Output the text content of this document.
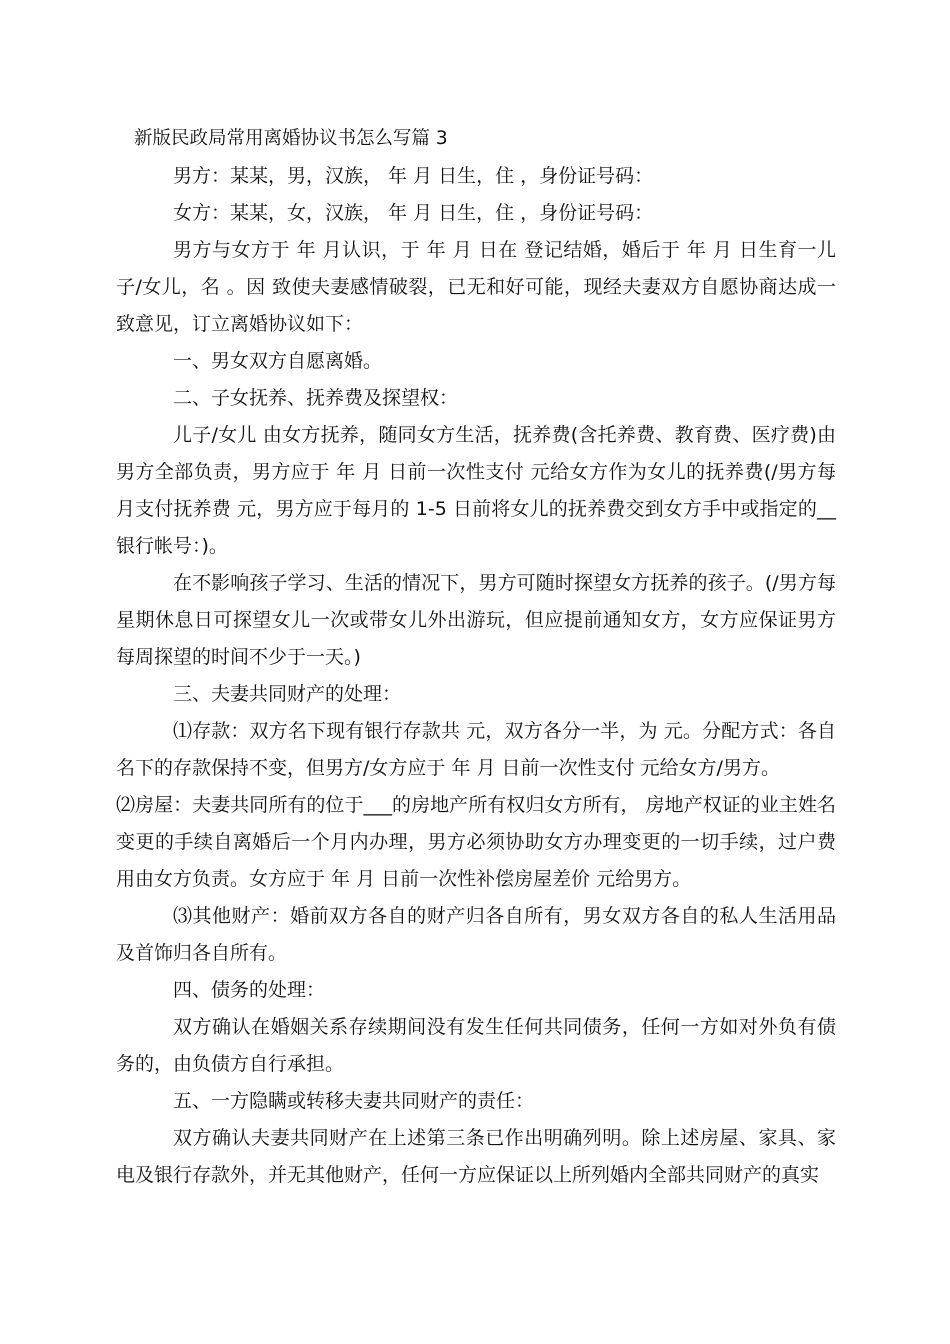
新版民政局常用离婚协议书怎么写篇 3

男方：某某，男，汉族， 年 月 日生，住 ，身份证号码：

女方：某某，女，汉族， 年 月 日生，住 ，身份证号码：

男方与女方于 年 月认识，于 年 月 日在 登记结婚，婚后于 年 月 日生育一儿子/女儿，名 。因 致使夫妻感情破裂，已无和好可能，现经夫妻双方自愿协商达成一致意见，订立离婚协议如下：

一、男女双方自愿离婚。

二、子女抚养、抚养费及探望权：

儿子/女儿 由女方抚养，随同女方生活，抚养费(含托养费、教育费、医疗费)由男方全部负责，男方应于 年 月 日前一次性支付 元给女方作为女儿的抚养费(/男方每月支付抚养费 元，男方应于每月的 1-5 日前将女儿的抚养费交到女方手中或指定的__银行帐号：)。

在不影响孩子学习、生活的情况下，男方可随时探望女方抚养的孩子。(/男方每星期休息日可探望女儿一次或带女儿外出游玩，但应提前通知女方，女方应保证男方每周探望的时间不少于一天。)

三、夫妻共同财产的处理：

⑴存款：双方名下现有银行存款共 元，双方各分一半，为 元。分配方式：各自名下的存款保持不变，但男方/女方应于 年 月 日前一次性支付 元给女方/男方。

⑵房屋：夫妻共同所有的位于___的房地产所有权归女方所有， 房地产权证的业主姓名变更的手续自离婚后一个月内办理，男方必须协助女方办理变更的一切手续，过户费用由女方负责。女方应于 年 月 日前一次性补偿房屋差价 元给男方。

⑶其他财产：婚前双方各自的财产归各自所有，男女双方各自的私人生活用品及首饰归各自所有。

四、债务的处理：

双方确认在婚姻关系存续期间没有发生任何共同债务，任何一方如对外负有债务的，由负债方自行承担。

五、一方隐瞒或转移夫妻共同财产的责任：

双方确认夫妻共同财产在上述第三条已作出明确列明。除上述房屋、家具、家电及银行存款外，并无其他财产，任何一方应保证以上所列婚内全部共同财产的真实
